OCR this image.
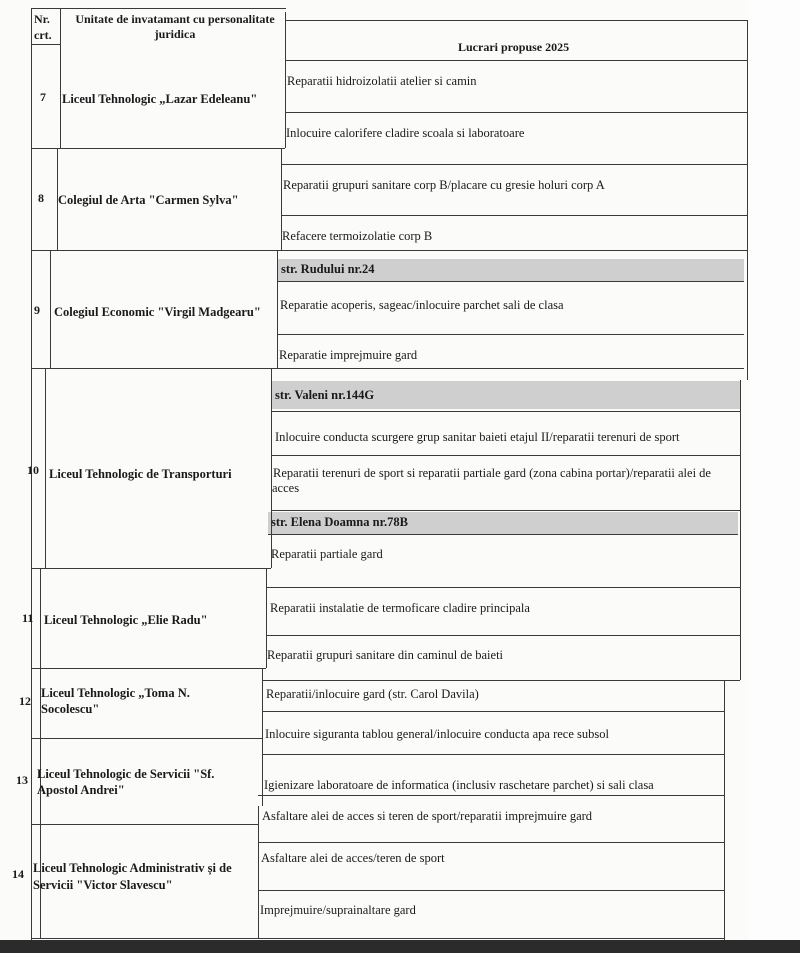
Nr. crt.
Unitate de invatamant cu personalitate juridica
Lucrari propuse 2025
7 Liceul Tehnologic „Lazar Edeleanu"
Reparatii hidroizolatii atelier si camin
Inlocuire calorifere cladire scoala si laboratoare
8 Colegiul de Arta "Carmen Sylva"
Reparatii grupuri sanitare corp B/placare cu gresie holuri corp A
Refacere termoizolatie corp B
9 Colegiul Economic "Virgil Madgearu"
str. Rudului nr.24
Reparatie acoperis, sageac/inlocuire parchet sali de clasa
Reparatie imprejmuire gard
10 Liceul Tehnologic de Transporturi
str. Valeni nr.144G
Inlocuire conducta scurgere grup sanitar baieti etajul II/reparatii terenuri de sport
Reparatii terenuri de sport si reparatii partiale gard (zona cabina portar)/reparatii alei de
acces
str. Elena Doamna nr.78B
Reparatii partiale gard
11 Liceul Tehnologic „Elie Radu"
Reparatii instalatie de termoficare cladire principala
Reparatii grupuri sanitare din caminul de baieti
12
Liceul Tehnologic „Toma N.
Socolescu"
Reparatii/inlocuire gard (str. Carol Davila)
Inlocuire siguranta tablou general/inlocuire conducta apa rece subsol
13 Liceul Tehnologic de Servicii "Sf.
Apostol Andrei"	Igienizare laboratoare de informatica (inclusiv raschetare parchet) si sali clasa
Asfaltare alei de acces si teren de sport/reparatii imprejmuire gard
14 Liceul Tehnologic Administrativ și de
Servicii "Victor Slavescu"
Asfaltare alei de acces/teren de sport
Imprejmuire/suprainaltare gard
